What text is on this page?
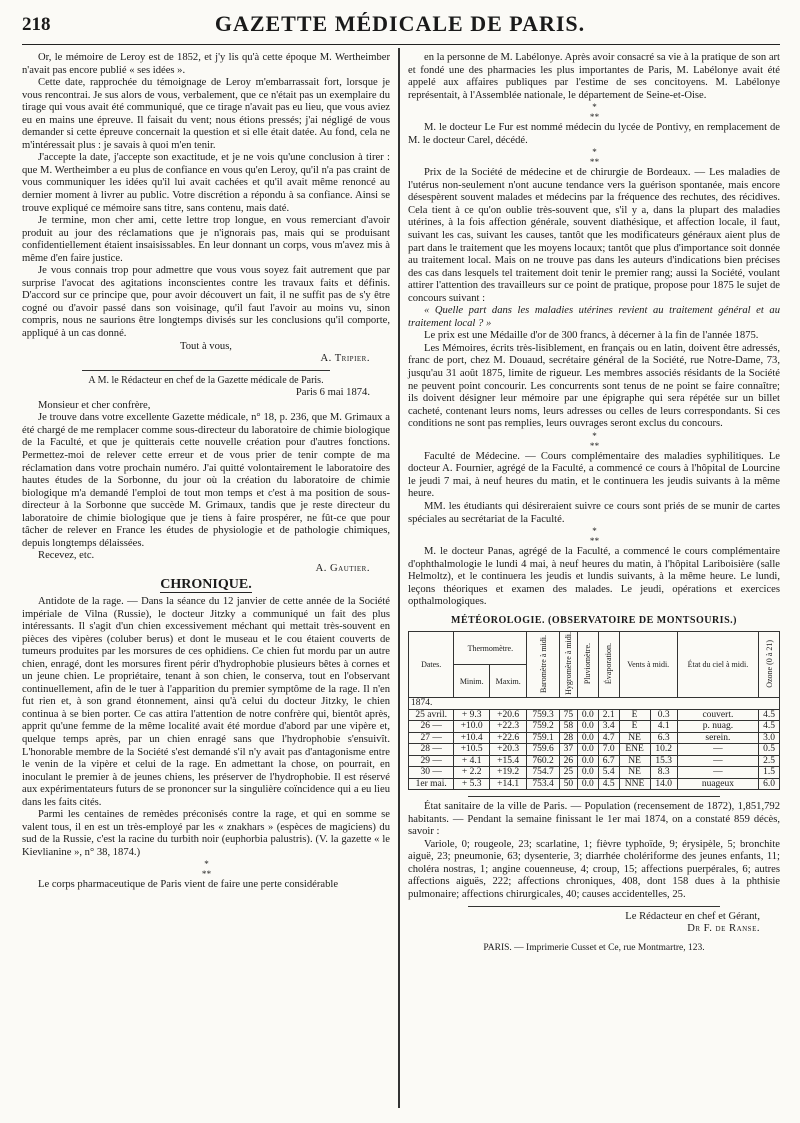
218	GAZETTE MÉDICALE DE PARIS.

Or, le mémoire de Leroy est de 1852, et j'y lis qu'à cette époque M. Wertheimber n'avait pas encore publié « ses idées ».

Cette date, rapprochée du témoignage de Leroy m'embarrassait fort, lorsque je vous rencontrai. Je sus alors de vous, verbalement, que ce n'était pas un exemplaire du tirage qui vous avait été communiqué, que ce tirage n'avait pas eu lieu, que vous aviez eu en mains une épreuve. Il faisait du vent; nous étions pressés; j'ai négligé de vous demander si cette épreuve concernait la question et si elle était datée. Au fond, cela ne m'intéressait plus : je savais à quoi m'en tenir.

J'accepte la date, j'accepte son exactitude, et je ne vois qu'une conclusion à tirer : que M. Wertheimber a eu plus de confiance en vous qu'en Leroy, qu'il n'a pas craint de vous communiquer les idées qu'il lui avait cachées et qu'il avait même renoncé au dernier moment à livrer au public. Votre discrétion a répondu à sa confiance. Ainsi se trouve expliqué ce mémoire sans titre, sans contenu, mais daté.

Je termine, mon cher ami, cette lettre trop longue, en vous remerciant d'avoir produit au jour des réclamations que je n'ignorais pas, mais qui se produisant confidentiellement étaient insaisissables. En leur donnant un corps, vous m'avez mis à même d'en faire justice.

Je vous connais trop pour admettre que vous vous soyez fait autrement que par surprise l'avocat des agitations inconscientes contre les travaux faits et définis. D'accord sur ce principe que, pour avoir découvert un fait, il ne suffit pas de s'y être cogné ou d'avoir passé dans son voisinage, qu'il faut l'avoir au moins vu, sinon compris, nous ne saurions être longtemps divisés sur les conclusions qu'il comporte, appliqué à un cas donné.

Tout à vous,

A. Tripier.

A M. le Rédacteur en chef de la Gazette médicale de Paris.

Paris 6 mai 1874.

Monsieur et cher confrère,

Je trouve dans votre excellente Gazette médicale, n° 18, p. 236, que M. Grimaux a été chargé de me remplacer comme sous-directeur du laboratoire de chimie biologique de la Faculté, et que je quitterais cette nouvelle création pour d'autres fonctions. Permettez-moi de relever cette erreur et de vous prier de tenir compte de ma réclamation dans votre prochain numéro. J'ai quitté volontairement le laboratoire des hautes études de la Sorbonne, du jour où la création du laboratoire de chimie biologique m'a demandé l'emploi de tout mon temps et c'est à ma position de sous-directeur à la Sorbonne que succède M. Grimaux, tandis que je reste directeur du laboratoire de chimie biologique que je tiens à faire prospérer, ne fût-ce que pour tâcher de relever en France les études de physiologie et de pathologie chimiques, depuis longtemps délaissées.

Recevez, etc.

A. Gautier.

CHRONIQUE.

Antidote de la rage. — Dans la séance du 12 janvier de cette année de la Société impériale de Vilna (Russie), le docteur Jitzky a communiqué un fait des plus intéressants. Il s'agit d'un chien excessivement méchant qui mettait très-souvent en pièces des vipères (coluber berus) et dont le museau et le cou étaient couverts de tumeurs produites par les morsures de ces ophidiens. Ce chien fut mordu par un autre chien, enragé, dont les morsures firent périr d'hydrophobie plusieurs bêtes à cornes et un jeune chien. Le propriétaire, tenant à son chien, le conserva, tout en l'observant continuellement, afin de le tuer à l'apparition du premier symptôme de la rage. Il n'en fut rien et, à son grand étonnement, ainsi qu'à celui du docteur Jitzky, le chien continua à se bien porter. Ce cas attira l'attention de notre confrère qui, bientôt après, apprit qu'une femme de la même localité avait été mordue d'abord par une vipère et, quelque temps après, par un chien enragé sans que l'hydrophobie s'ensuivît. L'honorable membre de la Société s'est demandé s'il n'y avait pas d'antagonisme entre le venin de la vipère et celui de la rage. En admettant la chose, on pourrait, en inoculant le premier à de jeunes chiens, les préserver de l'hydrophobie. Il est réservé aux expérimentateurs futurs de se prononcer sur la singulière coïncidence qui a eu lieu dans les faits cités.

Parmi les centaines de remèdes préconisés contre la rage, et qui en somme se valent tous, il en est un très-employé par les « znakhars » (espèces de magiciens) du sud de la Russie, c'est la racine du turbith noir (euphorbia palustris). (V. la gazette « le Kievlianine », n° 38, 1874.)

*
* *

Le corps pharmaceutique de Paris vient de faire une perte considérable

en la personne de M. Labélonye. Après avoir consacré sa vie à la pratique de son art et fondé une des pharmacies les plus importantes de Paris, M. Labélonye avait été appelé aux affaires publiques par l'estime de ses concitoyens. M. Labélonye représentait, à l'Assemblée nationale, le département de Seine-et-Oise.

*
* *

M. le docteur Le Fur est nommé médecin du lycée de Pontivy, en remplacement de M. le docteur Carel, décédé.

*
* *

Prix de la Société de médecine et de chirurgie de Bordeaux. — Les maladies de l'utérus non-seulement n'ont aucune tendance vers la guérison spontanée, mais encore désespèrent souvent malades et médecins par la fréquence des rechutes, des récidives. Cela tient à ce qu'on oublie très-souvent que, s'il y a, dans la plupart des maladies utérines, à la fois affection générale, souvent diathésique, et affection locale, il faut, suivant les cas, suivant les causes, tantôt que les modificateurs généraux aient plus de part dans le traitement que les moyens locaux; tantôt que plus d'importance soit donnée au traitement local. Mais on ne trouve pas dans les auteurs d'indications bien précises des cas dans lesquels tel traitement doit tenir le premier rang; aussi la Société, voulant attirer l'attention des travailleurs sur ce point de pratique, propose pour 1875 le sujet de concours suivant :

« Quelle part dans les maladies utérines revient au traitement général et au traitement local ? »

Le prix est une Médaille d'or de 300 francs, à décerner à la fin de l'année 1875.

Les Mémoires, écrits très-lisiblement, en français ou en latin, doivent être adressés, franc de port, chez M. Douaud, secrétaire général de la Société, rue Notre-Dame, 73, jusqu'au 31 août 1875, limite de rigueur. Les membres associés résidants de la Société ne peuvent point concourir. Les concurrents sont tenus de ne point se faire connaître; ils doivent désigner leur mémoire par une épigraphe qui sera répétée sur un billet cacheté, contenant leurs noms, leurs adresses ou celles de leurs correspondants. Si ces conditions ne sont pas remplies, leurs ouvrages seront exclus du concours.

*
* *

Faculté de Médecine. — Cours complémentaire des maladies syphilitiques. Le docteur A. Fournier, agrégé de la Faculté, a commencé ce cours à l'hôpital de Lourcine le jeudi 7 mai, à neuf heures du matin, et le continuera les jeudis suivants à la même heure.

MM. les étudiants qui désireraient suivre ce cours sont priés de se munir de cartes spéciales au secrétariat de la Faculté.

*
* *

M. le docteur Panas, agrégé de la Faculté, a commencé le cours complémentaire d'ophthalmologie le lundi 4 mai, à neuf heures du matin, à l'hôpital Lariboisière (salle Helmoltz), et le continuera les jeudis et lundis suivants, à la même heure. Le lundi, leçons théoriques et examen des malades. Le jeudi, opérations et exercices opthalmologiques.

MÉTÉOROLOGIE. (OBSERVATOIRE DE MONTSOURIS.)
Dates.	Thermomètre.		Baromètre à midi.	Hygromètre à midi.	Pluviomètre.	Évaporation.	Vents à midi.		État du ciel à midi.	Ozone (0 à 21)
	Minim.	Maxim.								
1874.										
25 avril.	+ 9.3	+20.6	759.3	75	0.0	2.1	E	0.3	couvert.	4.5
26 —	+10.0	+22.3	759.2	58	0.0	3.4	E	4.1	p. nuag.	4.5
27 —	+10.4	+22.6	759.1	28	0.0	4.7	NE	6.3	serein.	3.0
28 —	+10.5	+20.3	759.6	37	0.0	7.0	ENE	10.2	—	0.5
29 —	+ 4.1	+15.4	760.2	26	0.0	6.7	NE	15.3	—	2.5
30 —	+ 2.2	+19.2	754.7	25	0.0	5.4	NE	8.3	—	1.5
1er mai.	+ 5.3	+14.1	753.4	50	0.0	4.5	NNE	14.0	nuageux	6.0

État sanitaire de la ville de Paris. — Population (recensement de 1872), 1,851,792 habitants. — Pendant la semaine finissant le 1er mai 1874, on a constaté 859 décès, savoir :

Variole, 0; rougeole, 23; scarlatine, 1; fièvre typhoïde, 9; érysipèle, 5; bronchite aiguë, 23; pneumonie, 63; dysenterie, 3; diarrhée cholériforme des jeunes enfants, 11; choléra nostras, 1; angine couenneuse, 4; croup, 15; affections puerpérales, 6; autres affections aiguës, 222; affections chroniques, 408, dont 158 dues à la phthisie pulmonaire; affections chirurgicales, 40; causes accidentelles, 25.

Le Rédacteur en chef et Gérant,

Dr F. de Ranse.

PARIS. — Imprimerie Cusset et Ce, rue Montmartre, 123.
